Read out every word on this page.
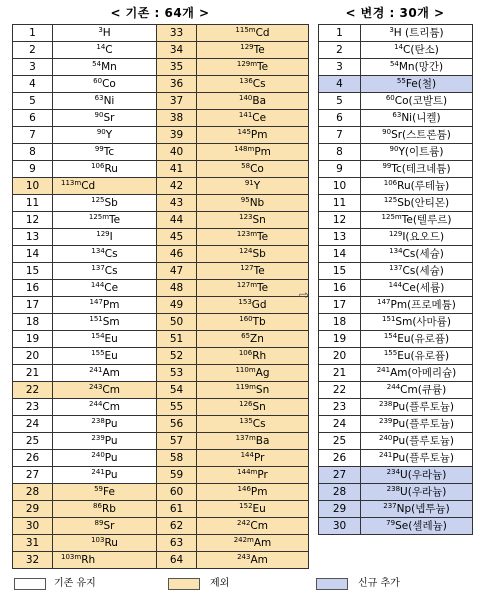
< 기존 : 64개 >	< 변경 : 30개 >
1	$^3$H	33	$^{115m}$Cd
2	$^{14}$C	34	$^{129}$Te
3	$^{54}$Mn	35	$^{129m}$Te
4	$^{60}$Co	36	$^{136}$Cs
5	$^{63}$Ni	37	$^{140}$Ba
6	$^{90}$Sr	38	$^{141}$Ce
7	$^{90}$Y	39	$^{145}$Pm
8	$^{99}$Tc	40	$^{148m}$Pm
9	$^{106}$Ru	41	$^{58}$Co
10	$^{113m}$Cd	42	$^{91}$Y
11	$^{125}$Sb	43	$^{95}$Nb
12	$^{125m}$Te	44	$^{123}$Sn
13	$^{129}$I	45	$^{123m}$Te
14	$^{134}$Cs	46	$^{124}$Sb
15	$^{137}$Cs	47	$^{127}$Te
16	$^{144}$Ce	48	$^{127m}$Te
17	$^{147}$Pm	49	$^{153}$Gd
18	$^{151}$Sm	50	$^{160}$Tb
19	$^{154}$Eu	51	$^{65}$Zn
20	$^{155}$Eu	52	$^{106}$Rh
21	$^{241}$Am	53	$^{110m}$Ag
22	$^{243}$Cm	54	$^{119m}$Sn
23	$^{244}$Cm	55	$^{126}$Sn
24	$^{238}$Pu	56	$^{135}$Cs
25	$^{239}$Pu	57	$^{137m}$Ba
26	$^{240}$Pu	58	$^{144}$Pr
27	$^{241}$Pu	59	$^{144m}$Pr
28	$^{59}$Fe	60	$^{146}$Pm
29	$^{86}$Rb	61	$^{152}$Eu
30	$^{89}$Sr	62	$^{242}$Cm
31	$^{103}$Ru	63	$^{242m}$Am
32	$^{103m}$Rh	64	$^{243}$Am
⇨
1	$^3$H (트리튬)
2	$^{14}$C(탄소)
3	$^{54}$Mn(망간)
4	$^{55}$Fe(철)
5	$^{60}$Co(코발트)
6	$^{63}$Ni(니켈)
7	$^{90}$Sr(스트론튬)
8	$^{90}$Y(이트륨)
9	$^{99}$Tc(테크네튬)
10	$^{106}$Ru(루테늄)
11	$^{125}$Sb(안티몬)
12	$^{125m}$Te(텔루르)
13	$^{129}$I(요오드)
14	$^{134}$Cs(세슘)
15	$^{137}$Cs(세슘)
16	$^{144}$Ce(세륨)
17	$^{147}$Pm(프로메튬)
18	$^{151}$Sm(사마륨)
19	$^{154}$Eu(유로퓸)
20	$^{155}$Eu(유로퓸)
21	$^{241}$Am(아메리슘)
22	$^{244}$Cm(큐륨)
23	$^{238}$Pu(플루토늄)
24	$^{239}$Pu(플루토늄)
25	$^{240}$Pu(플루토늄)
26	$^{241}$Pu(플루토늄)
27	$^{234}$U(우라늄)
28	$^{238}$U(우라늄)
29	$^{237}$Np(넵투늄)
30	$^{79}$Se(셀레늄)
기존 유지	제외	신규 추가
